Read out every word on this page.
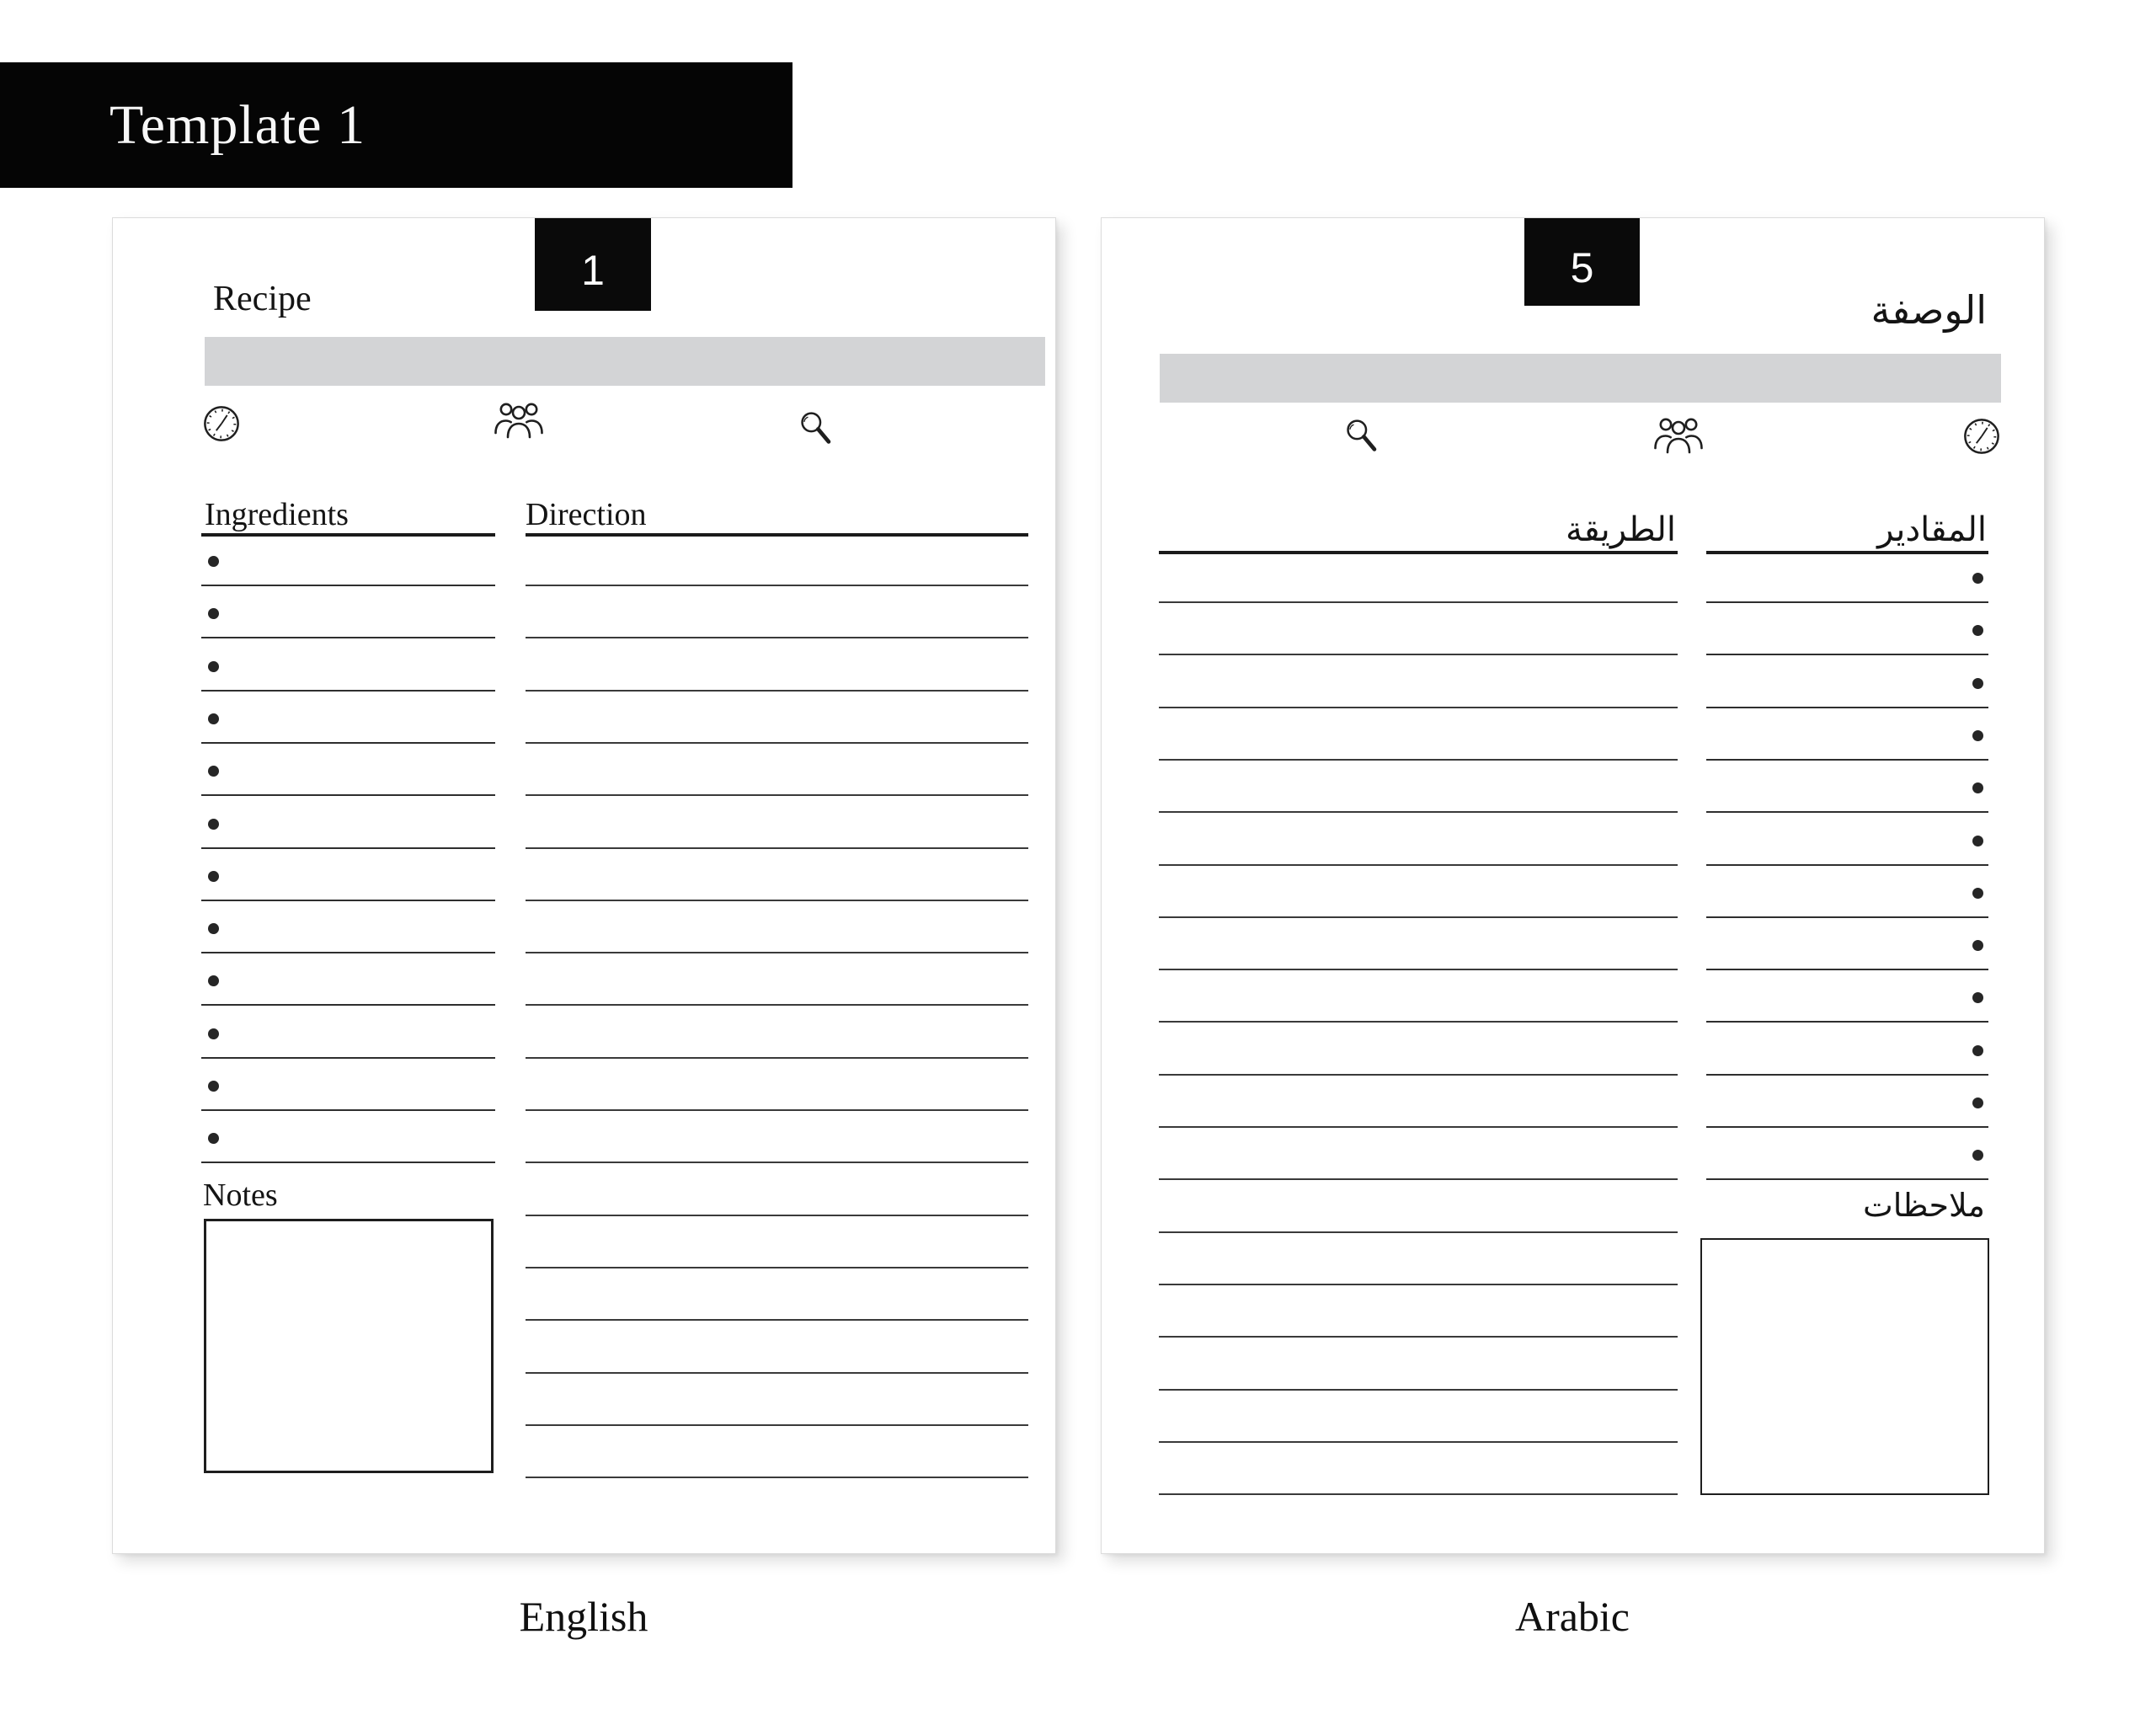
Template 1
1
Recipe
Ingredients	Direction
Notes
5
الوصفة
الطريقة	المقادير
ملاحظات
English	Arabic
